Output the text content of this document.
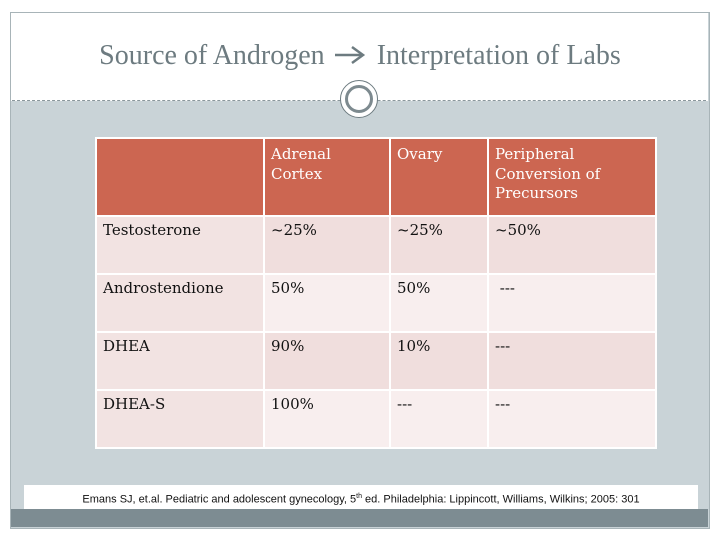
Source of Androgen Interpretation of Labs
	Adrenal Cortex	Ovary	Peripheral Conversion of Precursors
Testosterone	~25%	~25%	~50%
Androstendione	50%	50%	---
DHEA	90%	10%	---
DHEA-S	100%	---	---
Emans SJ, et.al. Pediatric and adolescent gynecology, 5th ed. Philadelphia: Lippincott, Williams, Wilkins; 2005: 301
